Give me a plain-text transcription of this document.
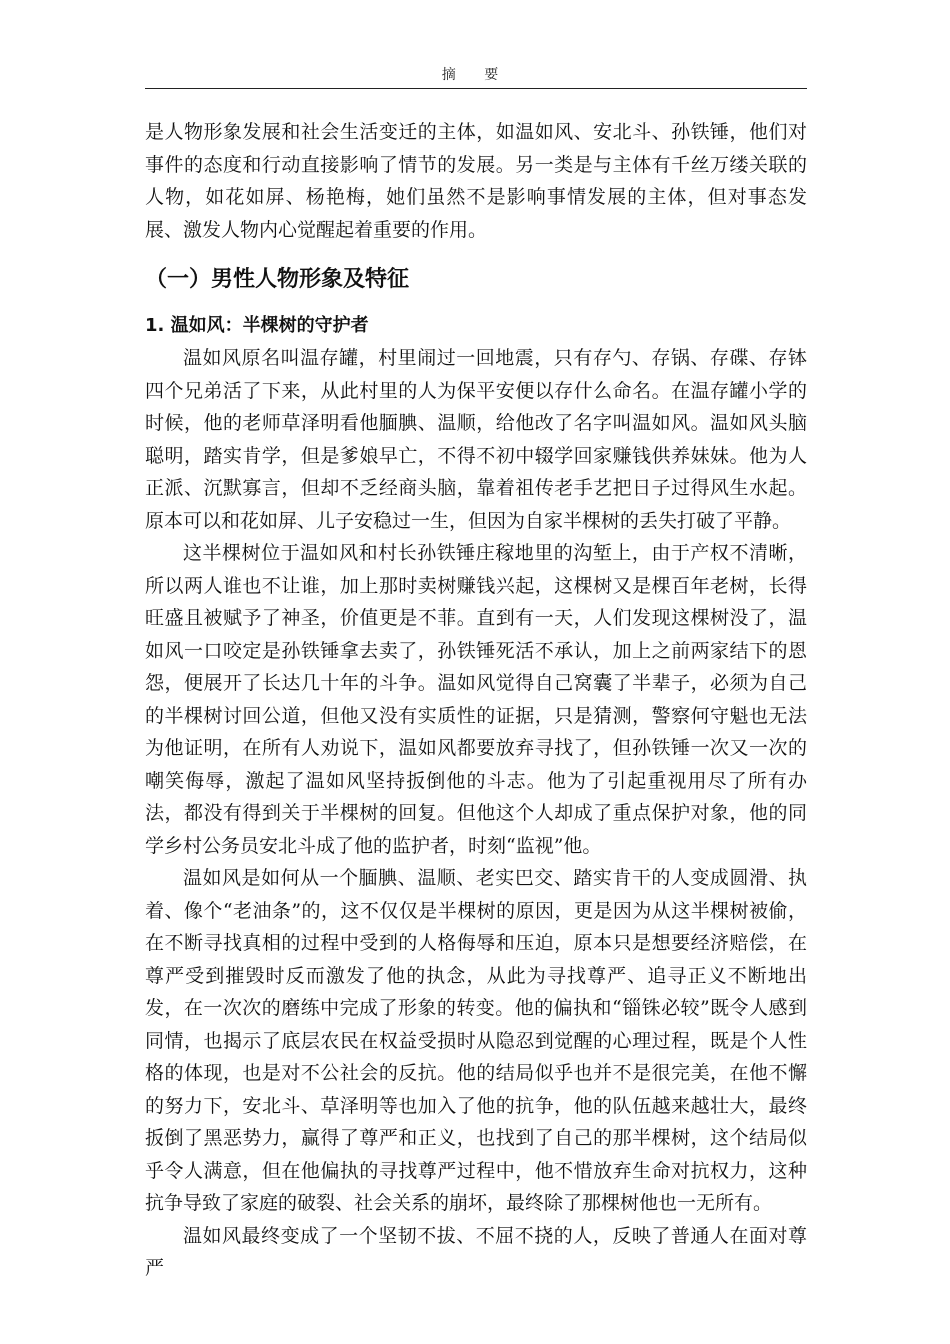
摘 要

是人物形象发展和社会生活变迁的主体，如温如风、安北斗、孙铁锤，他们对事件的态度和行动直接影响了情节的发展。另一类是与主体有千丝万缕关联的人物，如花如屏、杨艳梅，她们虽然不是影响事情发展的主体，但对事态发展、激发人物内心觉醒起着重要的作用。

（一）男性人物形象及特征
1. 温如风：半棵树的守护者

温如风原名叫温存罐，村里闹过一回地震，只有存勺、存锅、存碟、存钵四个兄弟活了下来，从此村里的人为保平安便以存什么命名。在温存罐小学的时候，他的老师草泽明看他腼腆、温顺，给他改了名字叫温如风。温如风头脑聪明，踏实肯学，但是爹娘早亡，不得不初中辍学回家赚钱供养妹妹。他为人正派、沉默寡言，但却不乏经商头脑，靠着祖传老手艺把日子过得风生水起。原本可以和花如屏、儿子安稳过一生，但因为自家半棵树的丢失打破了平静。

这半棵树位于温如风和村长孙铁锤庄稼地里的沟堑上，由于产权不清晰，所以两人谁也不让谁，加上那时卖树赚钱兴起，这棵树又是棵百年老树，长得旺盛且被赋予了神圣，价值更是不菲。直到有一天，人们发现这棵树没了，温如风一口咬定是孙铁锤拿去卖了，孙铁锤死活不承认，加上之前两家结下的恩怨，便展开了长达几十年的斗争。温如风觉得自己窝囊了半辈子，必须为自己的半棵树讨回公道，但他又没有实质性的证据，只是猜测，警察何守魁也无法为他证明，在所有人劝说下，温如风都要放弃寻找了，但孙铁锤一次又一次的嘲笑侮辱，激起了温如风坚持扳倒他的斗志。他为了引起重视用尽了所有办法，都没有得到关于半棵树的回复。但他这个人却成了重点保护对象，他的同学乡村公务员安北斗成了他的监护者，时刻“监视”他。

温如风是如何从一个腼腆、温顺、老实巴交、踏实肯干的人变成圆滑、执着、像个“老油条”的，这不仅仅是半棵树的原因，更是因为从这半棵树被偷，在不断寻找真相的过程中受到的人格侮辱和压迫，原本只是想要经济赔偿，在尊严受到摧毁时反而激发了他的执念，从此为寻找尊严、追寻正义不断地出发，在一次次的磨练中完成了形象的转变。他的偏执和“锱铢必较”既令人感到同情，也揭示了底层农民在权益受损时从隐忍到觉醒的心理过程，既是个人性格的体现，也是对不公社会的反抗。他的结局似乎也并不是很完美，在他不懈的努力下，安北斗、草泽明等也加入了他的抗争，他的队伍越来越壮大，最终扳倒了黑恶势力，赢得了尊严和正义，也找到了自己的那半棵树，这个结局似乎令人满意，但在他偏执的寻找尊严过程中，他不惜放弃生命对抗权力，这种抗争导致了家庭的破裂、社会关系的崩坏，最终除了那棵树他也一无所有。

温如风最终变成了一个坚韧不拔、不屈不挠的人，反映了普通人在面对尊严
